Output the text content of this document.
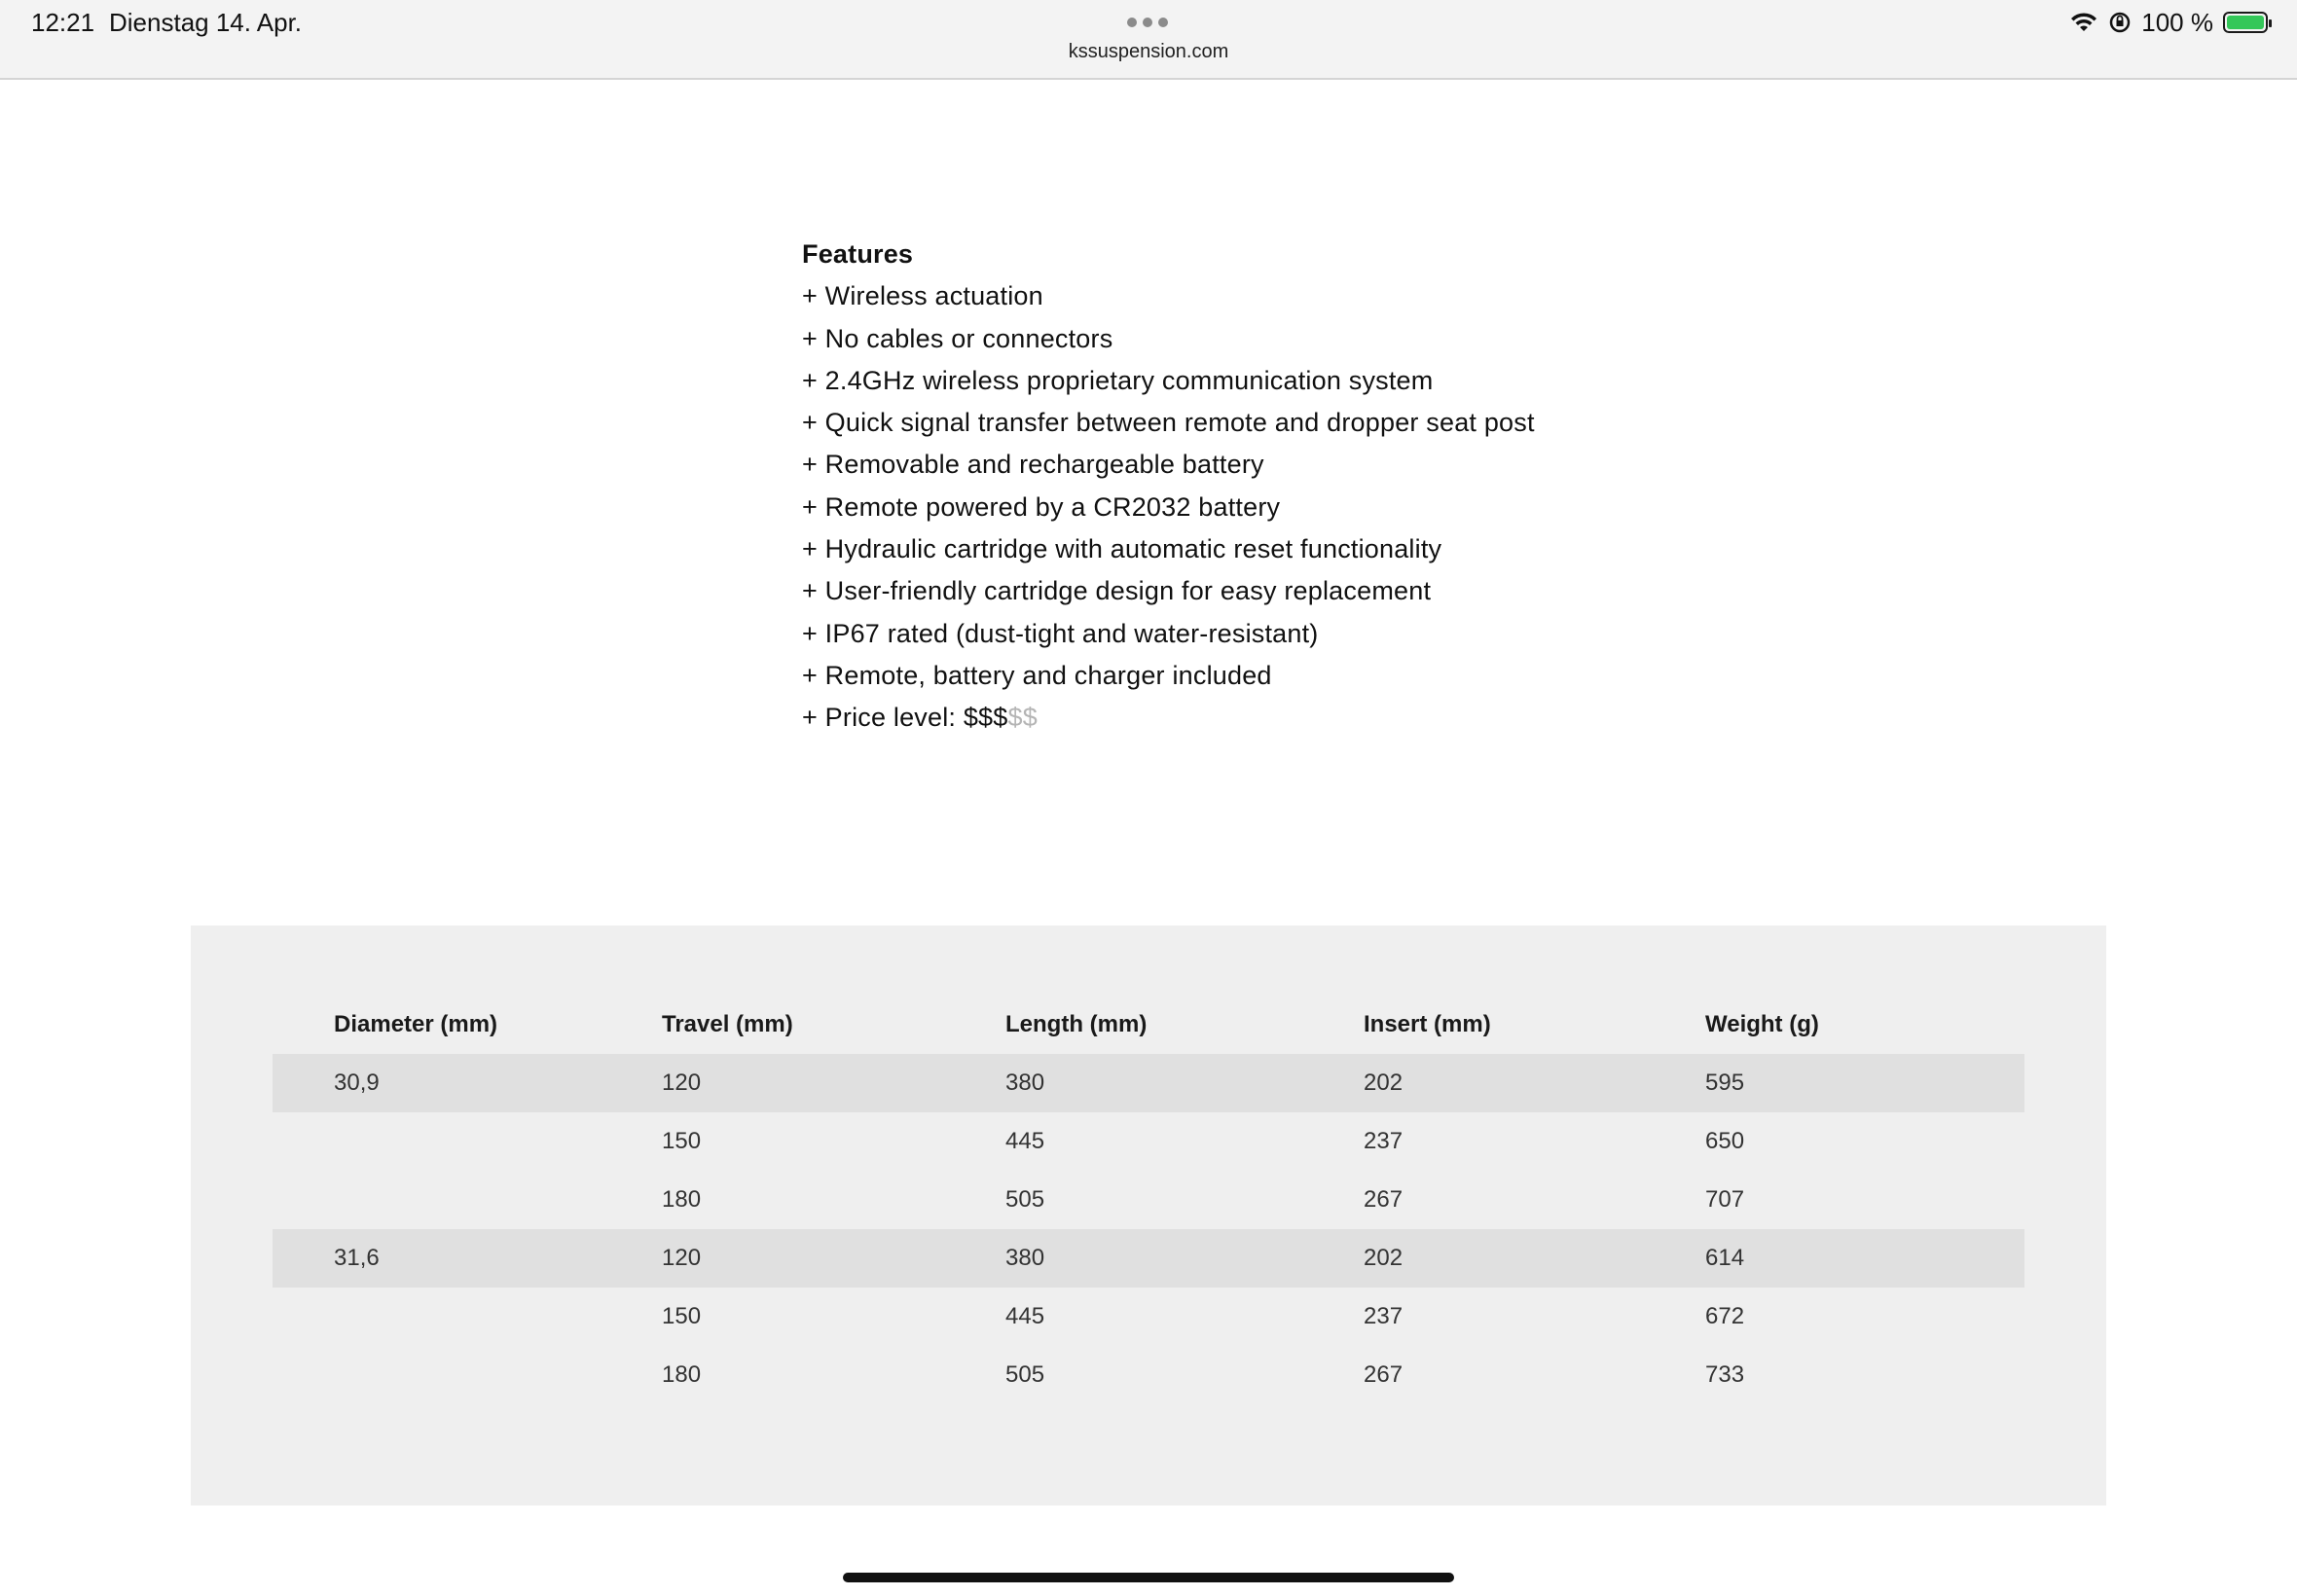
12:21 Dienstag 14. Apr.
kssuspension.com
100 %
Features
+ Wireless actuation
+ No cables or connectors
+ 2.4GHz wireless proprietary communication system
+ Quick signal transfer between remote and dropper seat post
+ Removable and rechargeable battery
+ Remote powered by a CR2032 battery
+ Hydraulic cartridge with automatic reset functionality
+ User-friendly cartridge design for easy replacement
+ IP67 rated (dust-tight and water-resistant)
+ Remote, battery and charger included
+ Price level: $$$$$
Diameter (mm)	Travel (mm)	Length (mm)	Insert (mm)	Weight (g)
30,9	120	380	202	595
	150	445	237	650
	180	505	267	707
31,6	120	380	202	614
	150	445	237	672
	180	505	267	733
